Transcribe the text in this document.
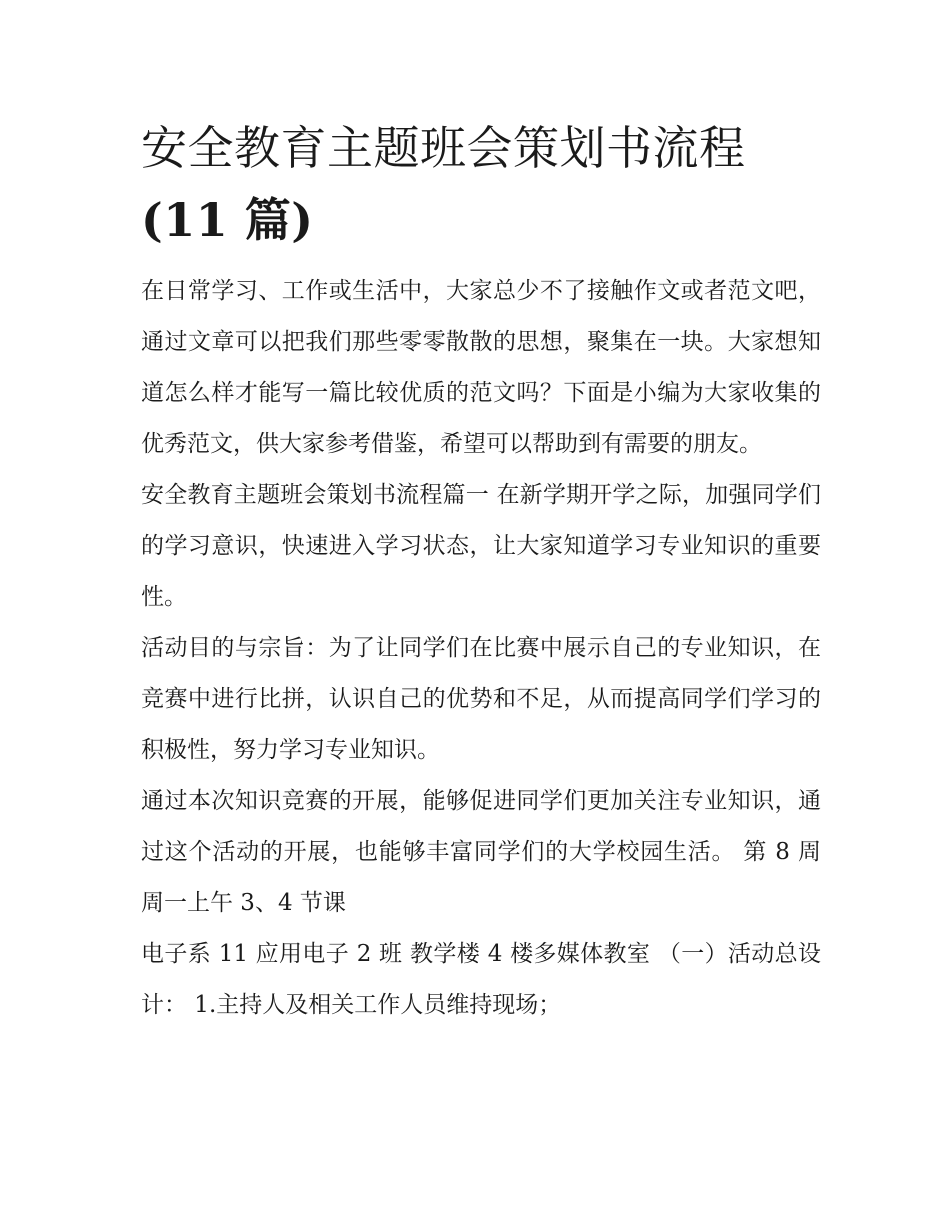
安全教育主题班会策划书流程
(11 篇)

在日常学习、工作或生活中，大家总少不了接触作文或者范文吧，通过文章可以把我们那些零零散散的思想，聚集在一块。大家想知道怎么样才能写一篇比较优质的范文吗？下面是小编为大家收集的优秀范文，供大家参考借鉴，希望可以帮助到有需要的朋友。

安全教育主题班会策划书流程篇一 在新学期开学之际，加强同学们的学习意识，快速进入学习状态，让大家知道学习专业知识的重要性。

活动目的与宗旨：为了让同学们在比赛中展示自己的专业知识，在竞赛中进行比拼，认识自己的优势和不足，从而提高同学们学习的积极性，努力学习专业知识。

通过本次知识竞赛的开展，能够促进同学们更加关注专业知识，通过这个活动的开展，也能够丰富同学们的大学校园生活。 第 8 周周一上午 3、4 节课

电子系 11 应用电子 2 班 教学楼 4 楼多媒体教室 （一）活动总设计： 1.主持人及相关工作人员维持现场；
